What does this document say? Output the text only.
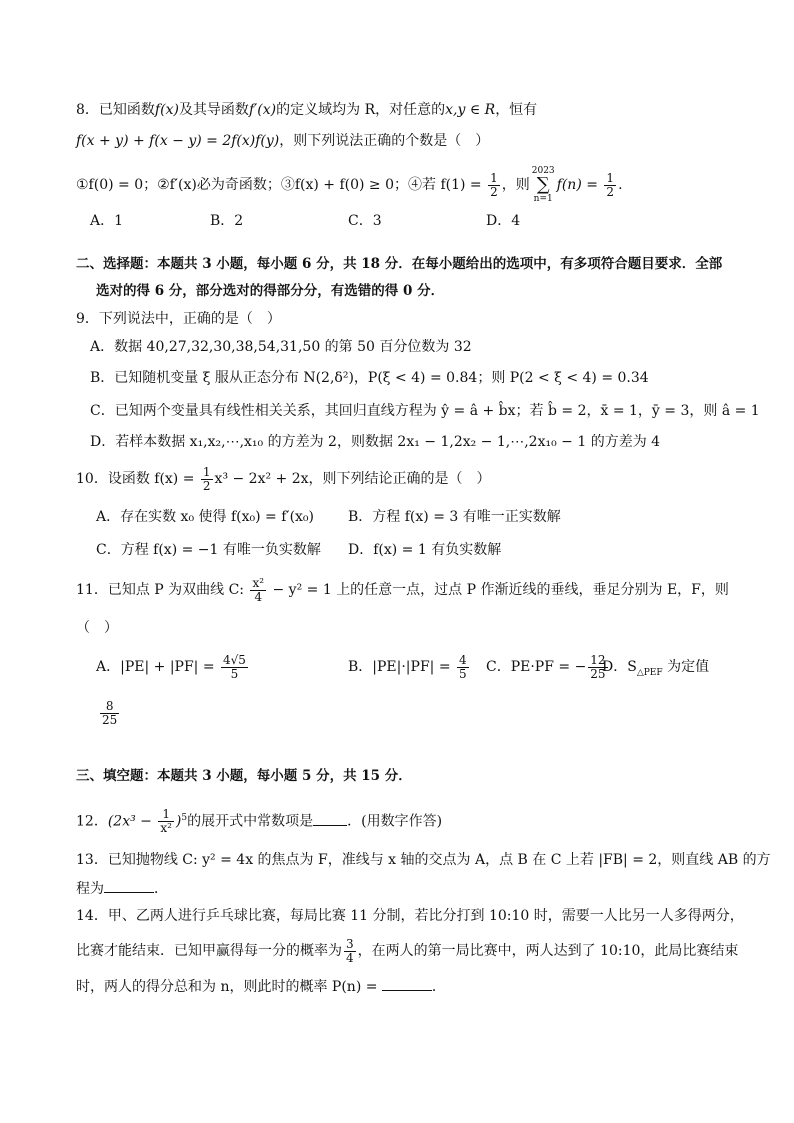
8．已知函数f(x)及其导函数f′(x)的定义域均为 R，对任意的x,y ∈ R，恒有
f(x + y) + f(x − y) = 2f(x)f(y)，则下列说法正确的个数是（　）
①f(0) = 0；②f′(x)必为奇函数；③f(x) + f(0) ≥ 0；④若 $f(1) = \frac{1}{2}$ ，则2023
∑
$n=1f(n) = \frac{1}{2}$ .
A．1	B．2	C．3	D．4
二、选择题：本题共 3 小题，每小题 6 分，共 18 分．在每小题给出的选项中，有多项符合题目要求．全部
选对的得 6 分，部分选对的得部分分，有选错的得 0 分．
9．下列说法中，正确的是（　）
A．数据 40,27,32,30,38,54,31,50 的第 50 百分位数为 32
B．已知随机变量 ξ 服从正态分布 N(2,δ²)，P(ξ < 4) = 0.84；则 P(2 < ξ < 4) = 0.34
C．已知两个变量具有线性相关关系，其回归直线方程为 ŷ = â + b̂x；若 b̂ = 2，x̄ = 1，ȳ = 3，则 â = 1
D．若样本数据 x₁,x₂,⋯,x₁₀ 的方差为 2，则数据 2x₁ − 1,2x₂ − 1,⋯,2x₁₀ − 1 的方差为 4
10．设函数 $f(x) = \frac{1}{2} x^3 - 2x^2 + 2x$，则下列结论正确的是（　）
A．存在实数 x₀ 使得 f(x₀) = f′(x₀) B．方程 f(x) = 3 有唯一正实数解
C．方程 f(x) = −1 有唯一负实数解 D．f(x) = 1 有负实数解
11．已知点 P 为双曲线 C: $\frac{\text{x²}}{4} - y^2 = 1$ 上的任意一点，过点 P 作渐近线的垂线，垂足分别为 E，F，则
（　）
A．$|PE| + |PF| = \frac{4√5}{5}$	B．$|PE|\cdot|PF| = \frac{4}{5}$ C．PE·PF = − $\frac{12}{25}$
D．$S_{\triangle PEF}$ 为定值
$\frac{8}{25}$
三、填空题：本题共 3 小题，每小题 5 分，共 15 分．
12．$(2x^3 - \frac{1}{\text{x²}} )^5$的展开式中常数项是 ．(用数字作答)
13．已知抛物线 C: y² = 4x 的焦点为 F，准线与 x 轴的交点为 A，点 B 在 C 上若 |FB| = 2，则直线 AB 的方
程为	．
14．甲、乙两人进行乒乓球比赛，每局比赛 11 分制，若比分打到 10:10 时，需要一人比另一人多得两分，
比赛才能结束．已知甲赢得每一分的概率为 $\frac{3}{4}$ ，在两人的第一局比赛中，两人达到了 10:10，此局比赛结束
时，两人的得分总和为 n，则此时的概率 P(n) =	．
